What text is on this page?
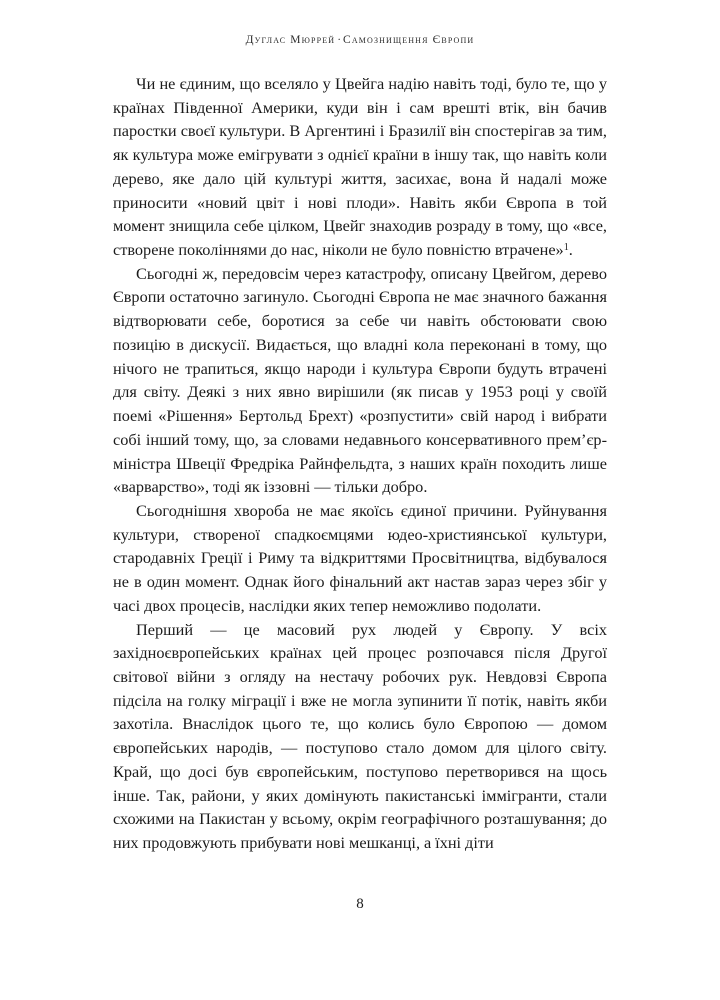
Дуглас Мюррей · Самознищення Європи

Чи не єдиним, що вселяло у Цвейга надію навіть тоді, було те, що у країнах Південної Америки, куди він і сам врешті втік, він бачив паростки своєї культури. В Аргентині і Бразилії він спостерігав за тим, як культура може емігрувати з однієї країни в іншу так, що навіть коли дерево, яке дало цій культурі життя, засихає, вона й надалі може приносити «новий цвіт і нові плоди». Навіть якби Європа в той момент знищила себе цілком, Цвейг знаходив розраду в тому, що «все, створене поколіннями до нас, ніколи не було повністю втрачене»$^1$.

Сьогодні ж, передовсім через катастрофу, описану Цвейгом, дерево Європи остаточно загинуло. Сьогодні Європа не має значного бажання відтворювати себе, боротися за себе чи навіть обстоювати свою позицію в дискусії. Видається, що владні кола переконані в тому, що нічого не трапиться, якщо народи і культура Європи будуть втрачені для світу. Деякі з них явно вирішили (як писав у 1953 році у своїй поемі «Рішення» Бертольд Брехт) «розпустити» свій народ і вибрати собі інший тому, що, за словами недавнього консервативного прем’єр-міністра Швеції Фредріка Райнфельдта, з наших країн походить лише «варварство», тоді як іззовні — тільки добро.

Сьогоднішня хвороба не має якоїсь єдиної причини. Руйнування культури, створеної спадкоємцями юдео-християнської культури, стародавніх Греції і Риму та відкриттями Просвітництва, відбувалося не в один момент. Однак його фінальний акт настав зараз через збіг у часі двох процесів, наслідки яких тепер неможливо подолати.

Перший — це масовий рух людей у Європу. У всіх західноєвропейських країнах цей процес розпочався після Другої світової війни з огляду на нестачу робочих рук. Невдовзі Європа підсіла на голку міграції і вже не могла зупинити її потік, навіть якби захотіла. Внаслідок цього те, що колись було Європою — домом європейських народів, — поступово стало домом для цілого світу. Край, що досі був європейським, поступово перетворився на щось інше. Так, райони, у яких домінують пакистанські іммігранти, стали схожими на Пакистан у всьому, окрім географічного розташування; до них продовжують прибувати нові мешканці, а їхні діти

8
